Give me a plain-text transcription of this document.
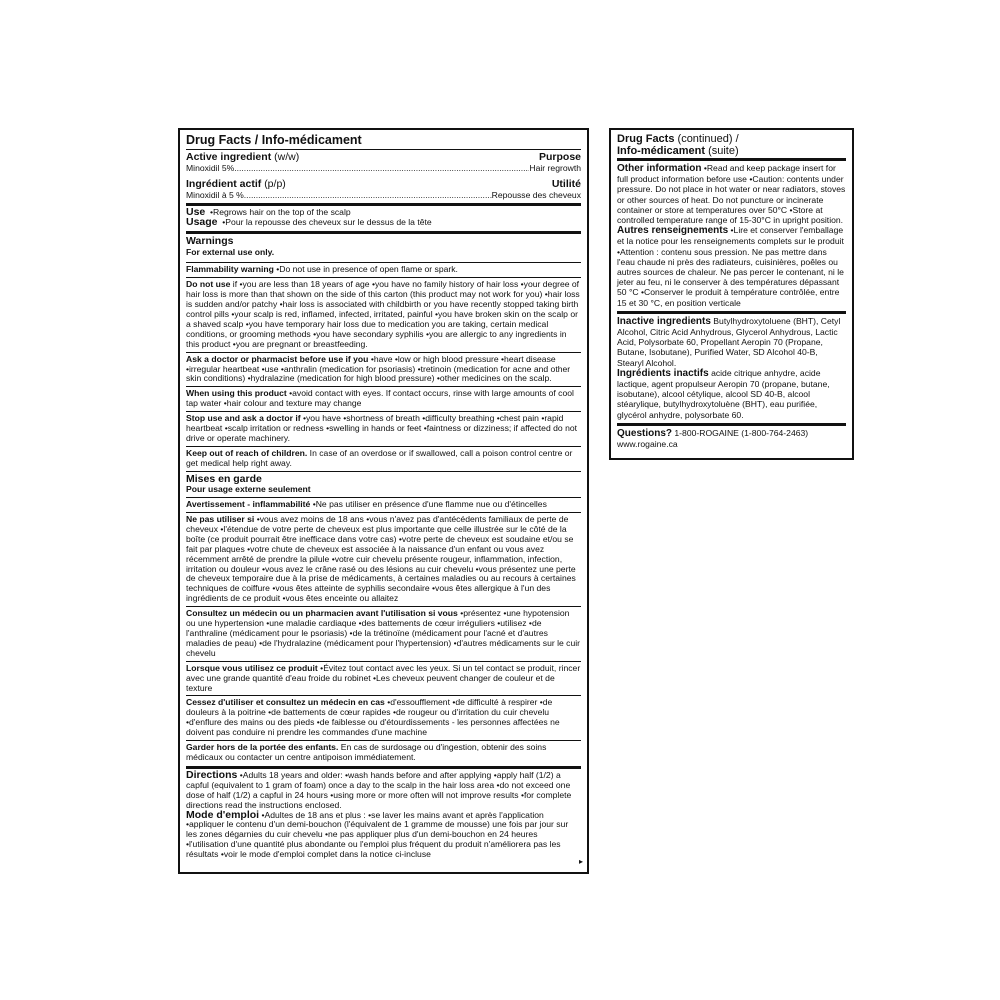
Drug Facts / Info-médicament
Active ingredient (w/w)	Purpose
Minoxidil 5% .....	Hair regrowth
Ingrédient actif (p/p)	Utilité
Minoxidil à 5 % .....	Repousse des cheveux
Use •Regrows hair on the top of the scalp
Usage •Pour la repousse des cheveux sur le dessus de la tête
Warnings
For external use only.
Flammability warning •Do not use in presence of open flame or spark.
Do not use if •you are less than 18 years of age •you have no family history of hair loss •your degree of hair loss is more than that shown on the side of this carton (this product may not work for you) •hair loss is sudden and/or patchy •hair loss is associated with childbirth or you have recently stopped taking birth control pills •your scalp is red, inflamed, infected, irritated, painful •you have broken skin on the scalp or a shaved scalp •you have temporary hair loss due to medication you are taking, certain medical conditions, or grooming methods •you have secondary syphilis •you are allergic to any ingredients in this product •you are pregnant or breastfeeding.
Ask a doctor or pharmacist before use if you •have •low or high blood pressure •heart disease •irregular heartbeat •use •anthralin (medication for psoriasis) •tretinoin (medication for acne and other skin conditions) •hydralazine (medication for high blood pressure) •other medicines on the scalp.
When using this product •avoid contact with eyes. If contact occurs, rinse with large amounts of cool tap water •hair colour and texture may change
Stop use and ask a doctor if •you have •shortness of breath •difficulty breathing •chest pain •rapid heartbeat •scalp irritation or redness •swelling in hands or feet •faintness or dizziness; if affected do not drive or operate machinery.
Keep out of reach of children. In case of an overdose or if swallowed, call a poison control centre or get medical help right away.
Mises en garde
Pour usage externe seulement
Avertissement - inflammabilité •Ne pas utiliser en présence d'une flamme nue ou d'étincelles
Ne pas utiliser si •vous avez moins de 18 ans •vous n'avez pas d'antécédents familiaux de perte de cheveux •l'étendue de votre perte de cheveux est plus importante que celle illustrée sur le côté de la boîte (ce produit pourrait être inefficace dans votre cas) •votre perte de cheveux est soudaine et/ou se fait par plaques •votre chute de cheveux est associée à la naissance d'un enfant ou vous avez récemment arrêté de prendre la pilule •votre cuir chevelu présente rougeur, inflammation, infection, irritation ou douleur •vous avez le crâne rasé ou des lésions au cuir chevelu •vous présentez une perte de cheveux temporaire due à la prise de médicaments, à certaines maladies ou au recours à certaines techniques de coiffure •vous êtes atteinte de syphilis secondaire •vous êtes allergique à l'un des ingrédients de ce produit •vous êtes enceinte ou allaitez
Consultez un médecin ou un pharmacien avant l'utilisation si vous •présentez •une hypotension ou une hypertension •une maladie cardiaque •des battements de cœur irréguliers •utilisez •de l'anthraline (médicament pour le psoriasis) •de la trétinoïne (médicament pour l'acné et d'autres maladies de peau) •de l'hydralazine (médicament pour l'hypertension) •d'autres médicaments sur le cuir chevelu
Lorsque vous utilisez ce produit •Évitez tout contact avec les yeux. Si un tel contact se produit, rincer avec une grande quantité d'eau froide du robinet •Les cheveux peuvent changer de couleur et de texture
Cessez d'utiliser et consultez un médecin en cas •d'essoufflement •de difficulté à respirer •de douleurs à la poitrine •de battements de cœur rapides •de rougeur ou d'irritation du cuir chevelu •d'enflure des mains ou des pieds •de faiblesse ou d'étourdissements - les personnes affectées ne doivent pas conduire ni prendre les commandes d'une machine
Garder hors de la portée des enfants. En cas de surdosage ou d'ingestion, obtenir des soins médicaux ou contacter un centre antipoison immédiatement.
Directions •Adults 18 years and older: •wash hands before and after applying •apply half (1/2) a capful (equivalent to 1 gram of foam) once a day to the scalp in the hair loss area •do not exceed one dose of half (1/2) a capful in 24 hours •using more or more often will not improve results •for complete directions read the instructions enclosed.
Mode d'emploi •Adultes de 18 ans et plus : •se laver les mains avant et après l'application •appliquer le contenu d'un demi-bouchon (l'équivalent de 1 gramme de mousse) une fois par jour sur les zones dégarnies du cuir chevelu •ne pas appliquer plus d'un demi-bouchon en 24 heures •l'utilisation d'une quantité plus abondante ou l'emploi plus fréquent du produit n'améliorera pas les résultats •voir le mode d'emploi complet dans la notice ci-incluse
▸
Drug Facts (continued) /
Info-médicament (suite)
Other information •Read and keep package insert for full product information before use •Caution: contents under pressure. Do not place in hot water or near radiators, stoves or other sources of heat. Do not puncture or incinerate container or store at temperatures over 50°C •Store at controlled temperature range of 15-30°C in upright position.
Autres renseignements •Lire et conserver l'emballage et la notice pour les renseignements complets sur le produit •Attention : contenu sous pression. Ne pas mettre dans l'eau chaude ni près des radiateurs, cuisinières, poêles ou autres sources de chaleur. Ne pas percer le contenant, ni le jeter au feu, ni le conserver à des températures dépassant 50 °C •Conserver le produit à température contrôlée, entre 15 et 30 °C, en position verticale
Inactive ingredients Butylhydroxytoluene (BHT), Cetyl Alcohol, Citric Acid Anhydrous, Glycerol Anhydrous, Lactic Acid, Polysorbate 60, Propellant Aeropin 70 (Propane, Butane, Isobutane), Purified Water, SD Alcohol 40-B, Stearyl Alcohol.
Ingrédients inactifs acide citrique anhydre, acide lactique, agent propulseur Aeropin 70 (propane, butane, isobutane), alcool cétylique, alcool SD 40-B, alcool stéarylique, butylhydroxytoluène (BHT), eau purifiée, glycérol anhydre, polysorbate 60.
Questions? 1-800-ROGAINE (1-800-764-2463)
www.rogaine.ca
